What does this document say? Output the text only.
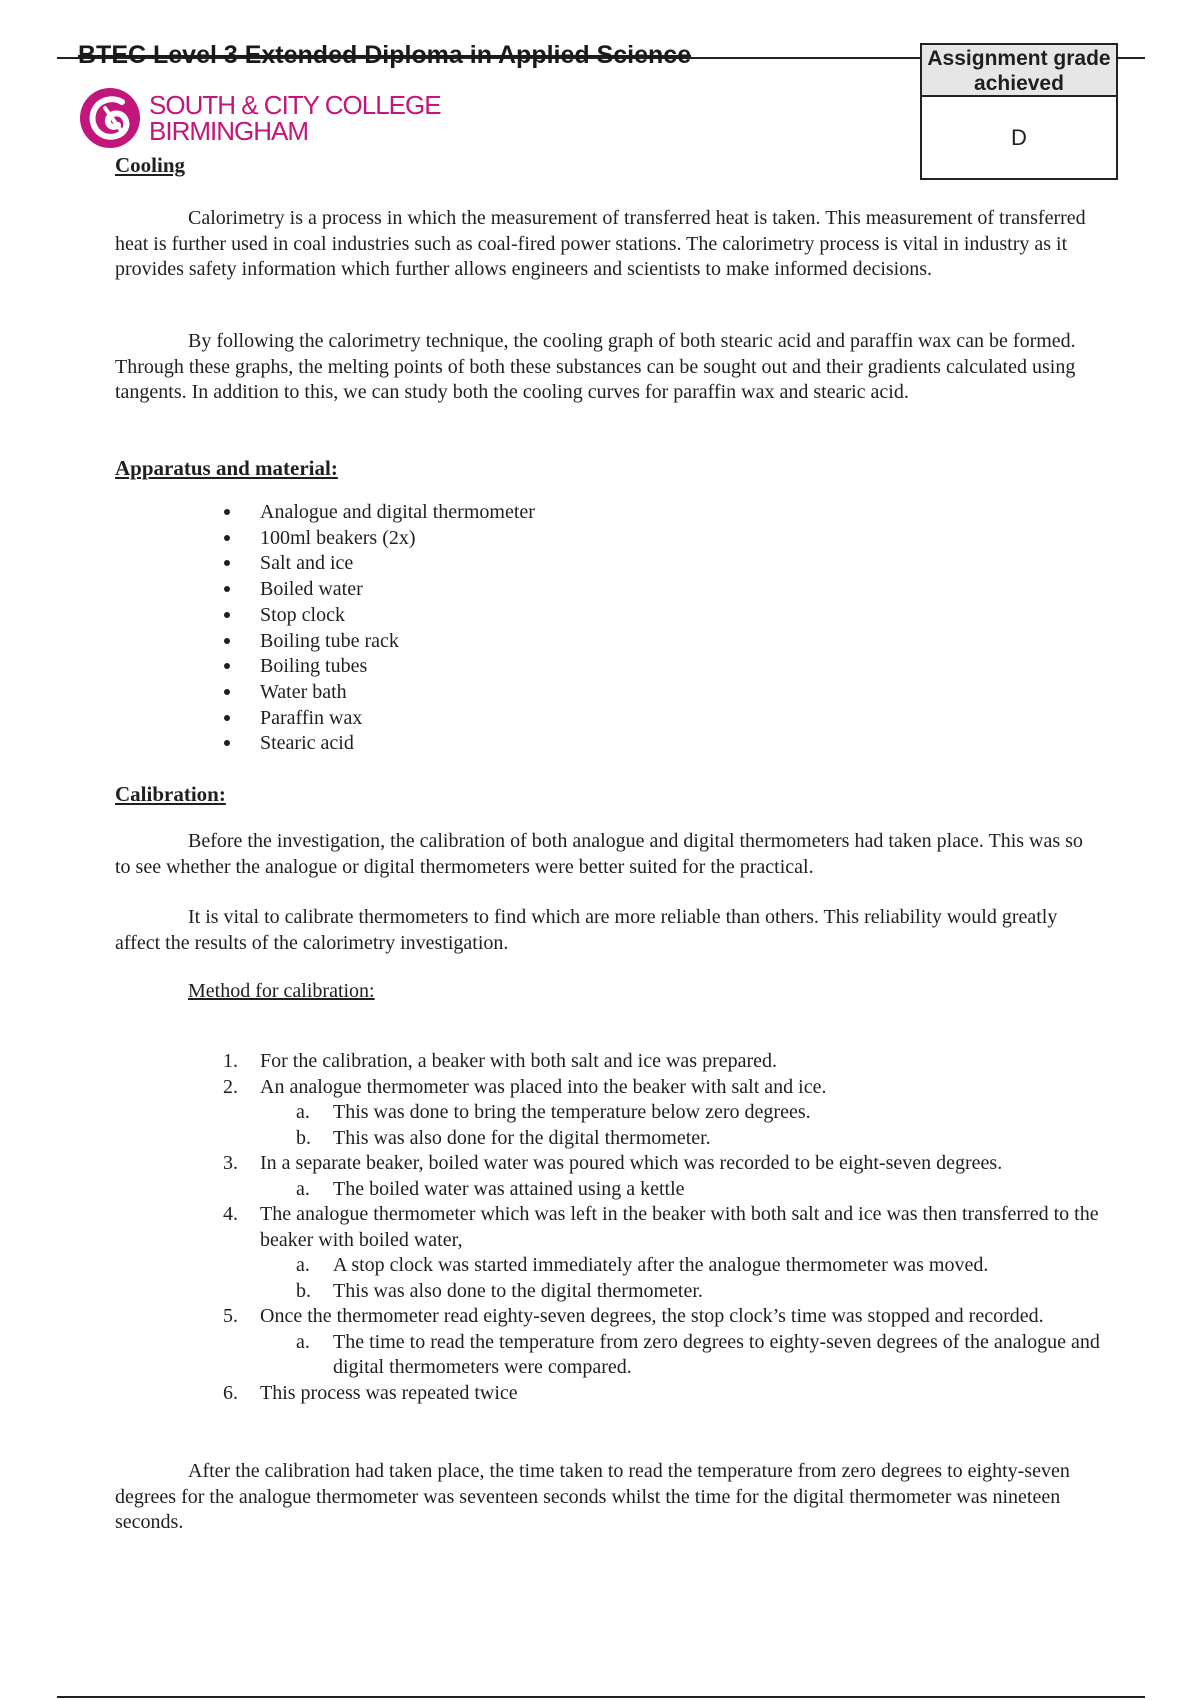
BTEC Level 3 Extended Diploma in Applied Science	Assignment grade achieved
D
SOUTH & CITY COLLEGE
BIRMINGHAM
Cooling

Calorimetry is a process in which the measurement of transferred heat is taken. This measurement of transferred heat is further used in coal industries such as coal-fired power stations. The calorimetry process is vital in industry as it provides safety information which further allows engineers and scientists to make informed decisions.

By following the calorimetry technique, the cooling graph of both stearic acid and paraffin wax can be formed. Through these graphs, the melting points of both these substances can be sought out and their gradients calculated using tangents. In addition to this, we can study both the cooling curves for paraffin wax and stearic acid.

Apparatus and material:
Analogue and digital thermometer
100ml beakers (2x)
Salt and ice
Boiled water
Stop clock
Boiling tube rack
Boiling tubes
Water bath
Paraffin wax
Stearic acid
Calibration:

Before the investigation, the calibration of both analogue and digital thermometers had taken place. This was so to see whether the analogue or digital thermometers were better suited for the practical.

It is vital to calibrate thermometers to find which are more reliable than others. This reliability would greatly affect the results of the calorimetry investigation.

Method for calibration:
1. For the calibration, a beaker with both salt and ice was prepared.
2. An analogue thermometer was placed into the beaker with salt and ice.
a. This was done to bring the temperature below zero degrees.
b. This was also done for the digital thermometer.
3. In a separate beaker, boiled water was poured which was recorded to be eight-seven degrees.
a. The boiled water was attained using a kettle
4. The analogue thermometer which was left in the beaker with both salt and ice was then transferred to the beaker with boiled water,
a. A stop clock was started immediately after the analogue thermometer was moved.
b. This was also done to the digital thermometer.
5. Once the thermometer read eighty-seven degrees, the stop clock’s time was stopped and recorded.
a. The time to read the temperature from zero degrees to eighty-seven degrees of the analogue and digital thermometers were compared.
6. This process was repeated twice

After the calibration had taken place, the time taken to read the temperature from zero degrees to eighty-seven degrees for the analogue thermometer was seventeen seconds whilst the time for the digital thermometer was nineteen seconds.
